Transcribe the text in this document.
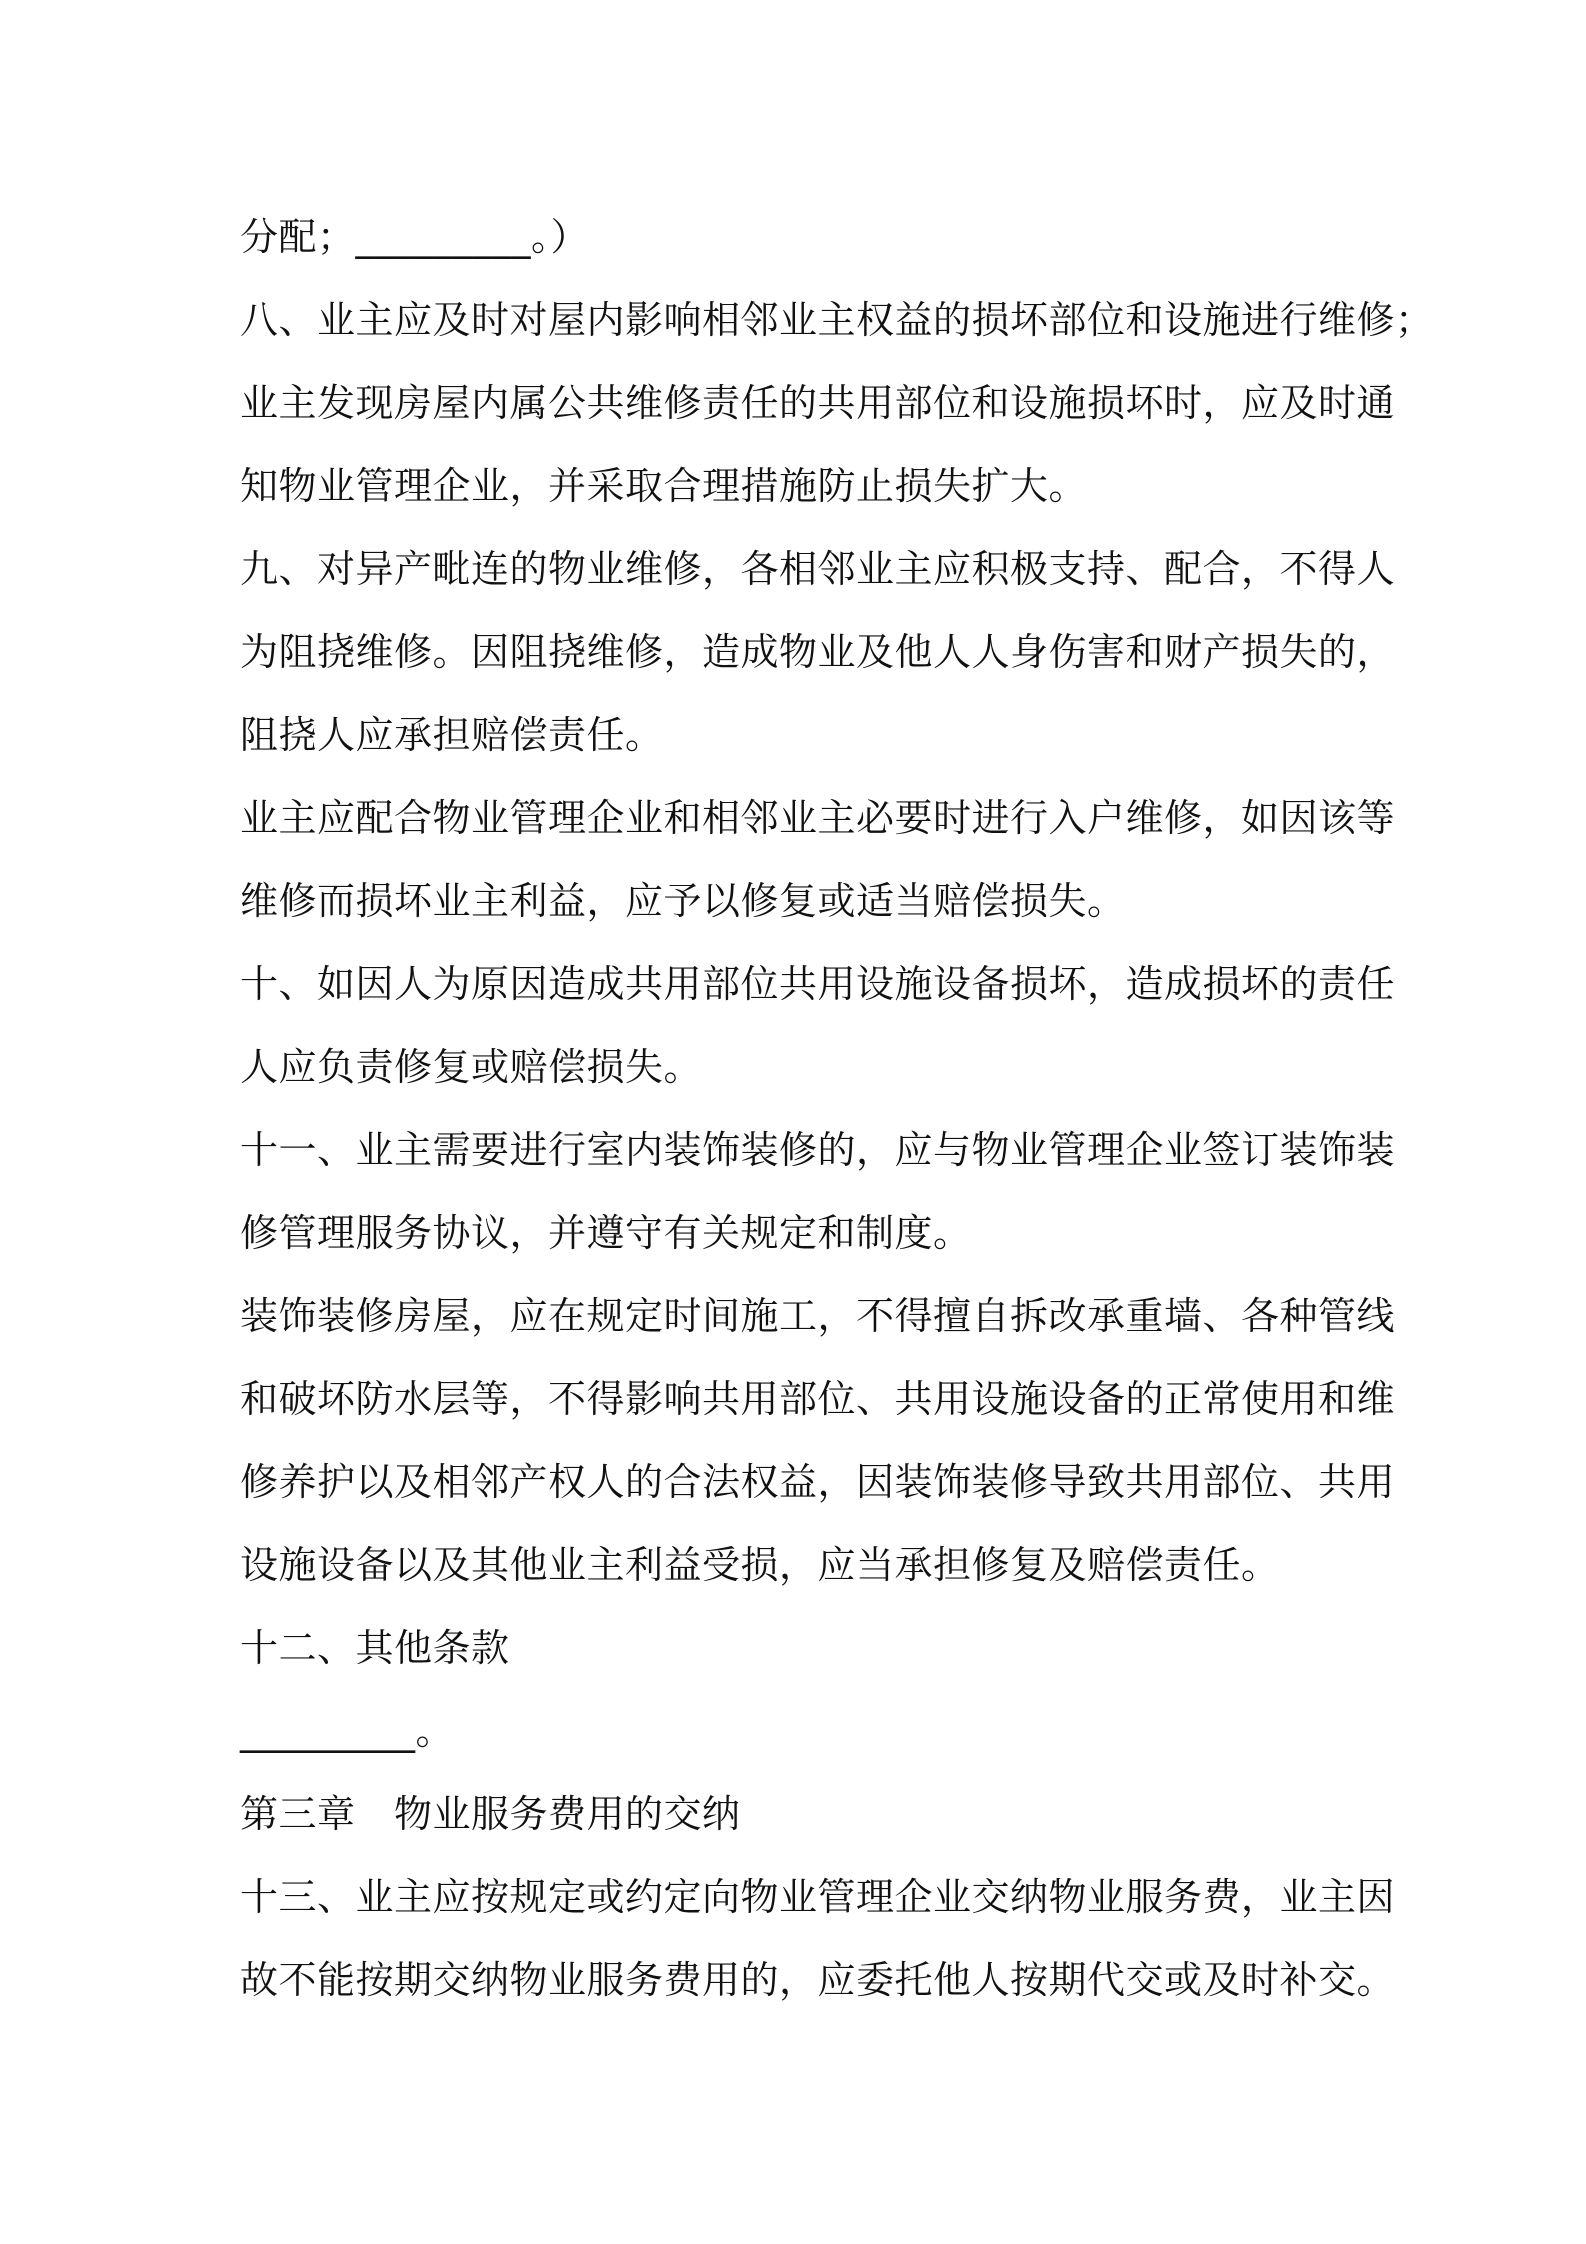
分配；_________。）
八、业主应及时对屋内影响相邻业主权益的损坏部位和设施进行维修；
业主发现房屋内属公共维修责任的共用部位和设施损坏时，应及时通
知物业管理企业，并采取合理措施防止损失扩大。
九、对异产毗连的物业维修，各相邻业主应积极支持、配合，不得人
为阻挠维修。因阻挠维修，造成物业及他人人身伤害和财产损失的，
阻挠人应承担赔偿责任。
业主应配合物业管理企业和相邻业主必要时进行入户维修，如因该等
维修而损坏业主利益，应予以修复或适当赔偿损失。
十、如因人为原因造成共用部位共用设施设备损坏，造成损坏的责任
人应负责修复或赔偿损失。
十一、业主需要进行室内装饰装修的，应与物业管理企业签订装饰装
修管理服务协议，并遵守有关规定和制度。
装饰装修房屋，应在规定时间施工，不得擅自拆改承重墙、各种管线
和破坏防水层等，不得影响共用部位、共用设施设备的正常使用和维
修养护以及相邻产权人的合法权益，因装饰装修导致共用部位、共用
设施设备以及其他业主利益受损，应当承担修复及赔偿责任。
十二、其他条款
_________。
第三章　物业服务费用的交纳
十三、业主应按规定或约定向物业管理企业交纳物业服务费，业主因
故不能按期交纳物业服务费用的，应委托他人按期代交或及时补交。
